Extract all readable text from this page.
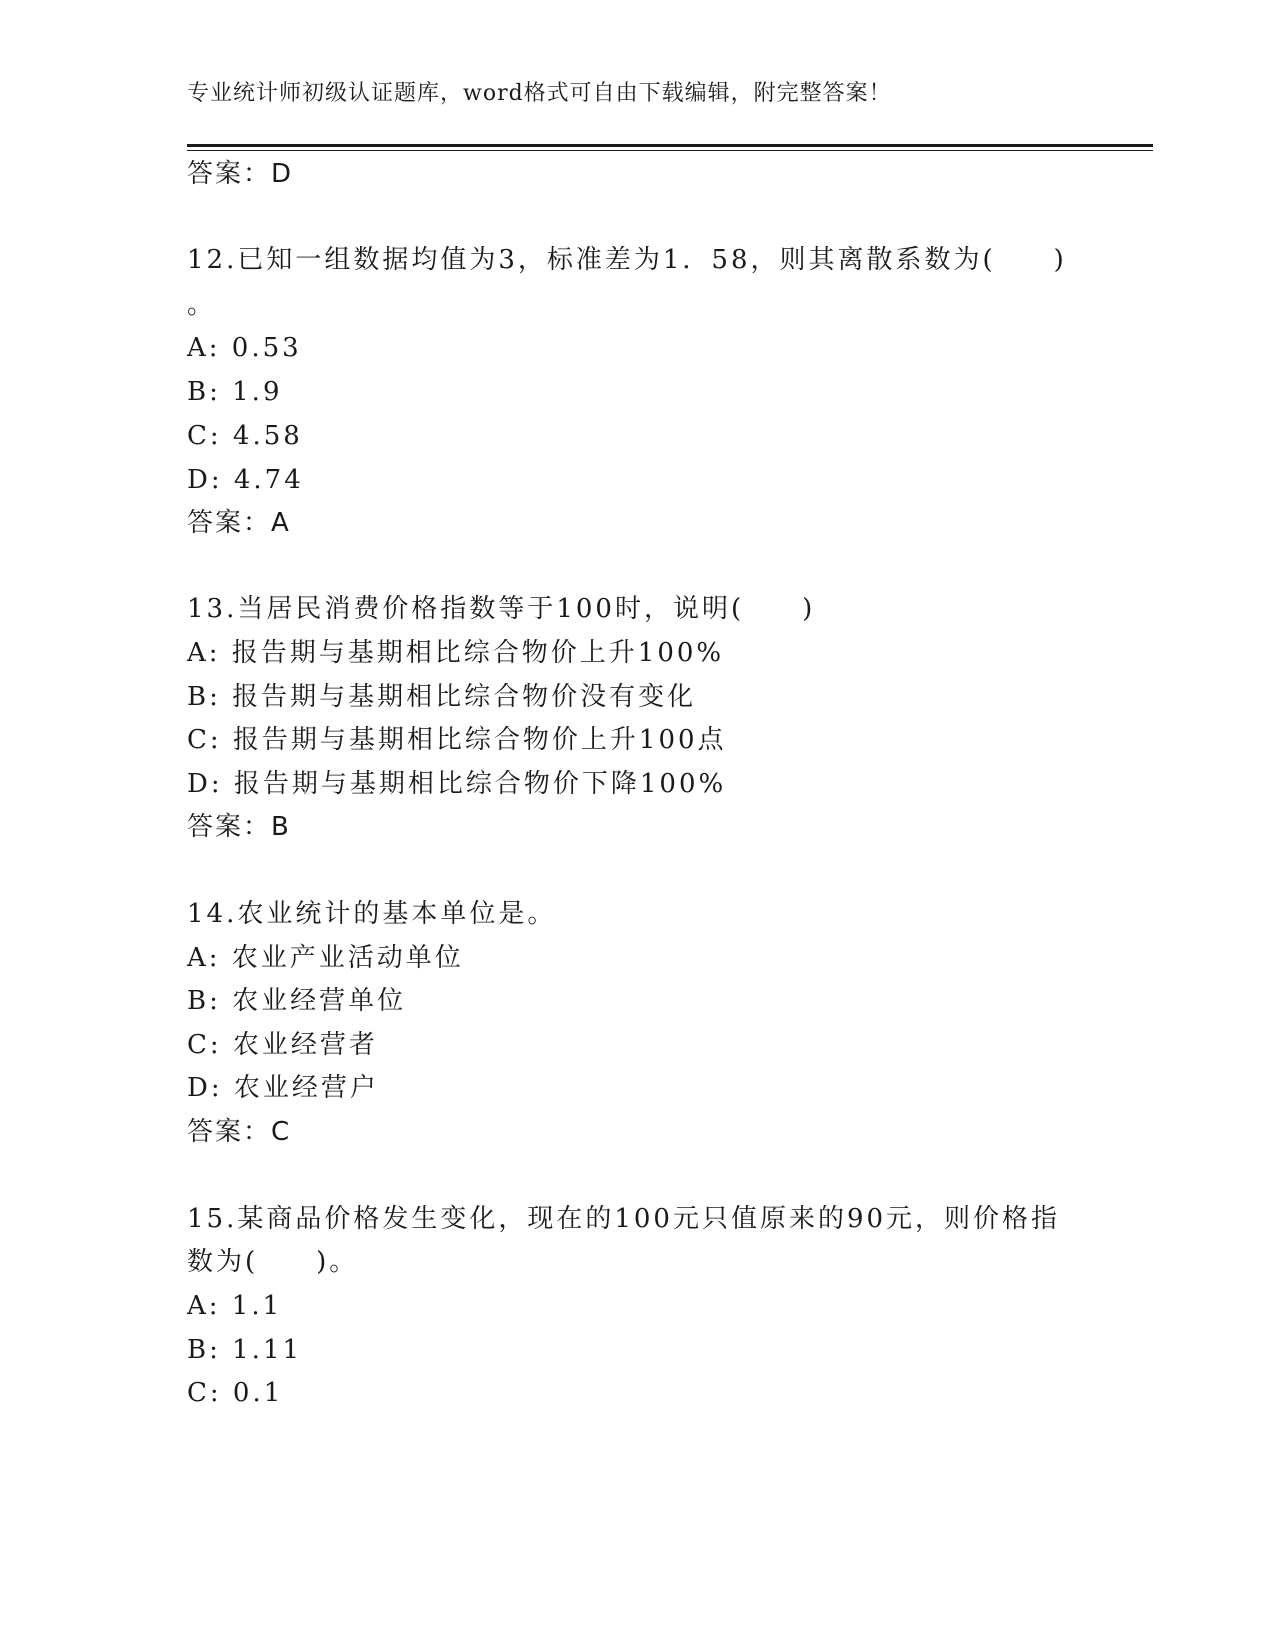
专业统计师初级认证题库，word格式可自由下载编辑，附完整答案！
答案：D
12.已知一组数据均值为3，标准差为1．58，则其离散系数为(　　)
。
A: 0.53
B: 1.9
C: 4.58
D: 4.74
答案：A
13.当居民消费价格指数等于100时，说明(　　)
A: 报告期与基期相比综合物价上升100%
B: 报告期与基期相比综合物价没有变化
C: 报告期与基期相比综合物价上升100点
D: 报告期与基期相比综合物价下降100%
答案：B
14.农业统计的基本单位是。
A: 农业产业活动单位
B: 农业经营单位
C: 农业经营者
D: 农业经营户
答案：C
15.某商品价格发生变化，现在的100元只值原来的90元，则价格指
数为(　　)。
A: 1.1
B: 1.11
C: 0.1
